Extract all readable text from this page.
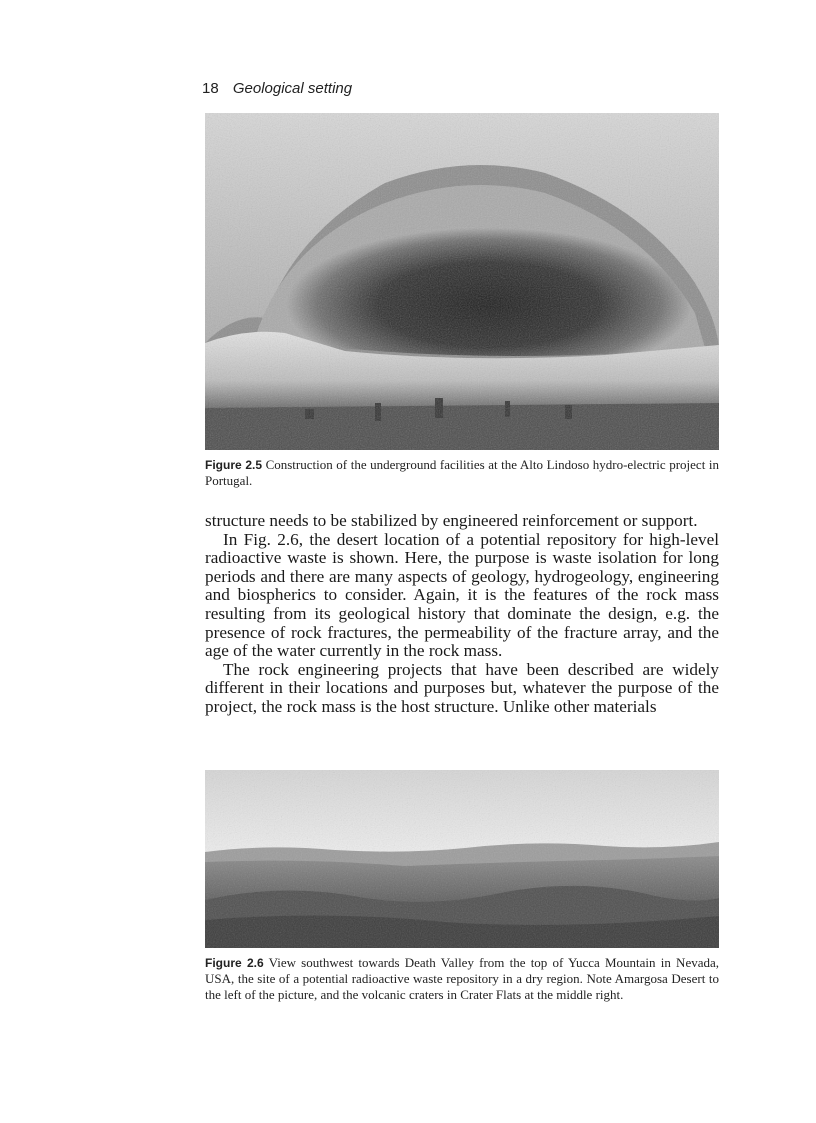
18 Geological setting
Figure 2.5 Construction of the underground facilities at the Alto Lindoso hydro-electric project in Portugal.

structure needs to be stabilized by engineered reinforcement or support.

In Fig. 2.6, the desert location of a potential repository for high-level radioactive waste is shown. Here, the purpose is waste isolation for long periods and there are many aspects of geology, hydrogeology, engineering and biospherics to consider. Again, it is the features of the rock mass resulting from its geological history that dominate the design, e.g. the presence of rock fractures, the permeability of the fracture array, and the age of the water currently in the rock mass.

The rock engineering projects that have been described are widely different in their locations and purposes but, whatever the purpose of the project, the rock mass is the host structure. Unlike other materials

Figure 2.6 View southwest towards Death Valley from the top of Yucca Mountain in Nevada, USA, the site of a potential radioactive waste repository in a dry region. Note Amargosa Desert to the left of the picture, and the volcanic craters in Crater Flats at the middle right.
